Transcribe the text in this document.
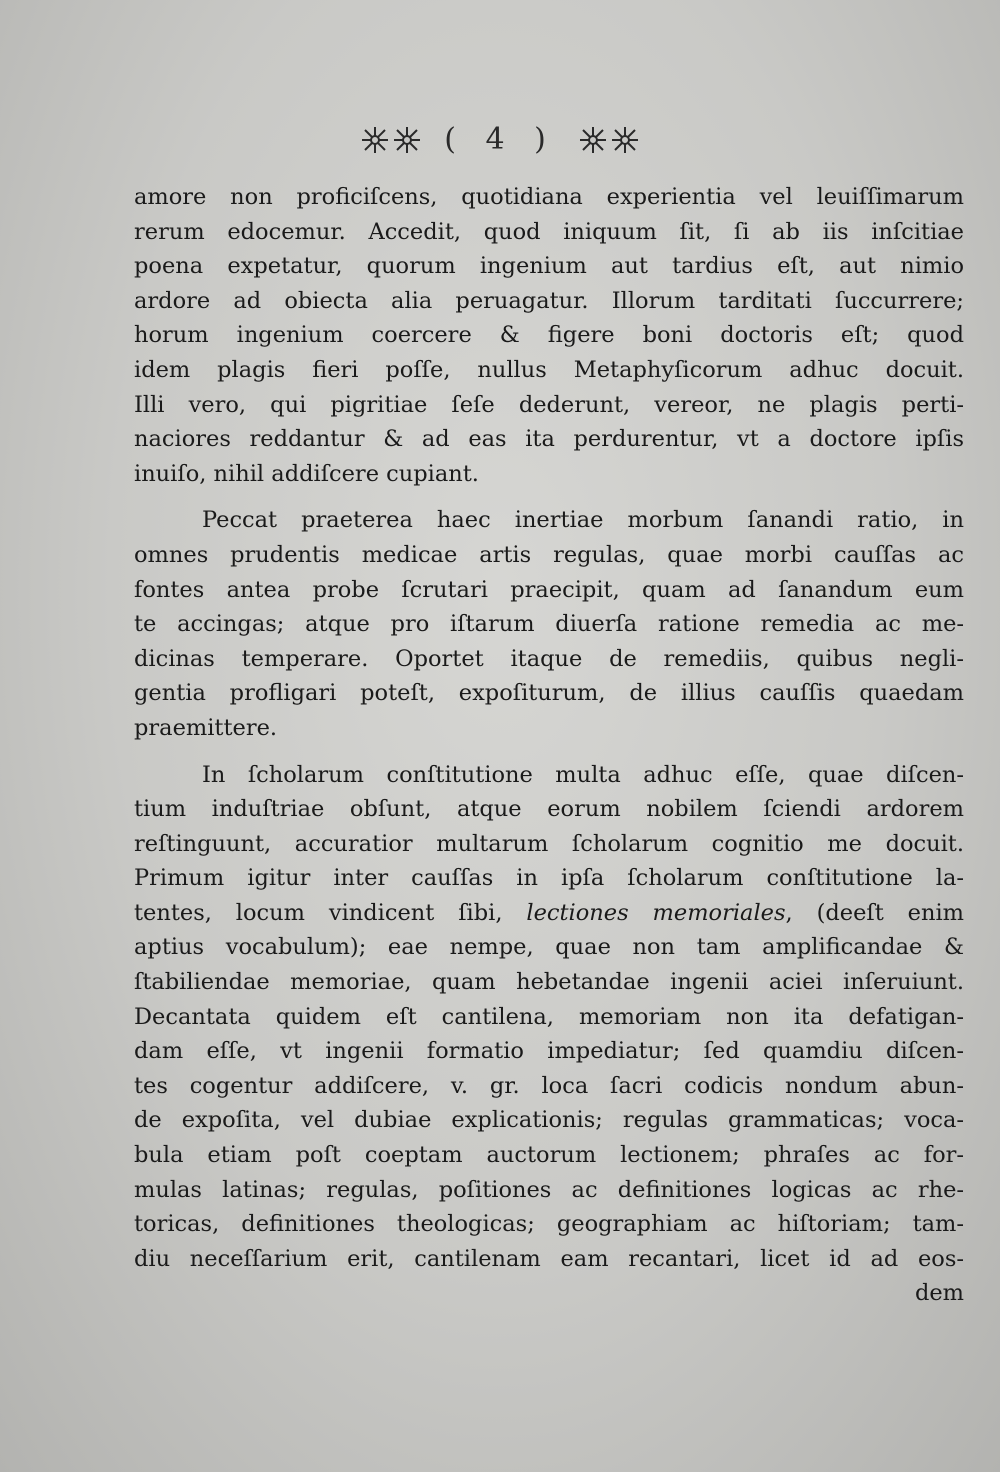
( 4 )
amore non proficiſcens, quotidiana experientia vel leuiſſimarum
rerum edocemur. Accedit, quod iniquum ſit, ſi ab iis inſcitiae
poena expetatur, quorum ingenium aut tardius eſt, aut nimio
ardore ad obiecta alia peruagatur. Illorum tarditati ſuccurrere;
horum ingenium coercere & figere boni doctoris eſt; quod
idem plagis fieri poſſe, nullus Metaphyſicorum adhuc docuit.
Illi vero, qui pigritiae ſeſe dederunt, vereor, ne plagis perti-
naciores reddantur & ad eas ita perdurentur, vt a doctore ipſis
inuiſo, nihil addiſcere cupiant.
Peccat praeterea haec inertiae morbum ſanandi ratio, in
omnes prudentis medicae artis regulas, quae morbi cauſſas ac
fontes antea probe ſcrutari praecipit, quam ad ſanandum eum
te accingas; atque pro iſtarum diuerſa ratione remedia ac me-
dicinas temperare. Oportet itaque de remediis, quibus negli-
gentia profligari poteſt, expoſiturum, de illius cauſſis quaedam
praemittere.
In ſcholarum conſtitutione multa adhuc eſſe, quae diſcen-
tium induſtriae obſunt, atque eorum nobilem ſciendi ardorem
reſtinguunt, accuratior multarum ſcholarum cognitio me docuit.
Primum igitur inter cauſſas in ipſa ſcholarum conſtitutione la-
tentes, locum vindicent ſibi, lectiones memoriales, (deeſt enim
aptius vocabulum); eae nempe, quae non tam amplificandae &
ſtabiliendae memoriae, quam hebetandae ingenii aciei inſeruiunt.
Decantata quidem eſt cantilena, memoriam non ita defatigan-
dam eſſe, vt ingenii formatio impediatur; ſed quamdiu diſcen-
tes cogentur addiſcere, v. gr. loca ſacri codicis nondum abun-
de expoſita, vel dubiae explicationis; regulas grammaticas; voca-
bula etiam poſt coeptam auctorum lectionem; phraſes ac for-
mulas latinas; regulas, poſitiones ac definitiones logicas ac rhe-
toricas, definitiones theologicas; geographiam ac hiſtoriam; tam-
diu neceſſarium erit, cantilenam eam recantari, licet id ad eos-
dem
